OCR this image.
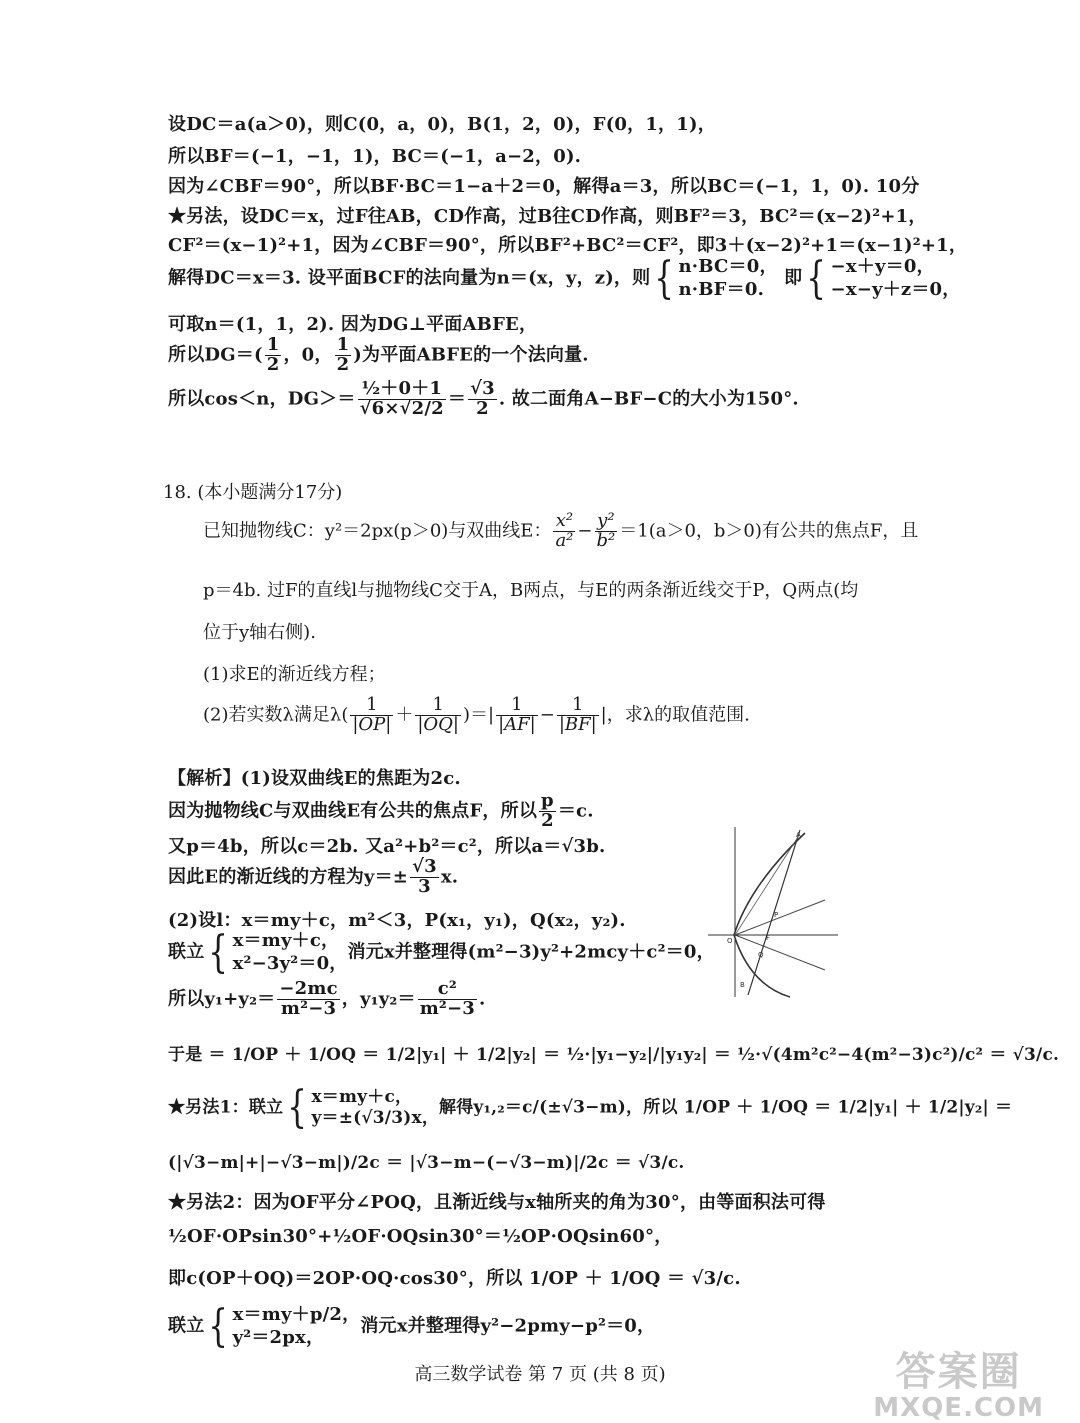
设DC＝a(a＞0)，则C(0，a，0)，B(1，2，0)，F(0，1，1)，
所以BF＝(−1，−1，1)，BC＝(−1，a−2，0).
因为∠CBF＝90°，所以BF·BC＝1−a＋2＝0，解得a＝3，所以BC＝(−1，1，0). 10分
★另法，设DC＝x，过F往AB，CD作高，过B往CD作高，则BF²＝3，BC²＝(x−2)²+1，
CF²＝(x−1)²+1，因为∠CBF＝90°，所以BF²+BC²＝CF²，即3＋(x−2)²+1＝(x−1)²+1，
解得DC＝x＝3. 设平面BCF的法向量为n＝(x，y，z)，则{ n·BC＝0，
n·BF＝0.
即{ −x＋y＝0，
−x−y＋z＝0，
可取n＝(1，1，2). 因为DG⊥平面ABFE，
所以$DG=( \frac{1}{2}$ ，0， $\frac{1}{2}$ )为平面ABFE的一个法向量.
所以cos＜n，$DG>= \frac{\text{½＋0＋1}}{√6\times√2/2} = \frac{√3}{2}$ . 故二面角A−BF−C的大小为150°.
18. (本小题满分17分)
已知抛物线C：y²＝2px(p＞0)与双曲线E： $\frac{\text{x²}}{\text{a²}} - \frac{\text{y²}}{\text{b²}} =1(a>0$，b＞0)有公共的焦点F，且
p＝4b. 过F的直线l与抛物线C交于A，B两点，与E的两条渐近线交于P，Q两点(均
位于y轴右侧).
(1)求E的渐近线方程；
(2)若实数λ满足$\lambda( \frac{1}{|OP|} + \frac{1}{|OQ|}$ )＝| $\frac{1}{|AF|} - \frac{1}{|BF|}$ |，求λ的取值范围.
【解析】(1)设双曲线E的焦距为2c.
因为抛物线C与双曲线E有公共的焦点F，所以 $\frac{p}{2} =c$.
又p＝4b，所以c＝2b. 又a²+b²＝c²，所以a＝√3b.
因此E的渐近线的方程为$y=\pm \frac{√3}{3} x$.
(2)设l：x＝my＋c，m²＜3，P(x₁，y₁)，Q(x₂，y₂).
联立{ x＝my＋c，
x²−3y²＝0，
消元x并整理得(m²−3)y²+2mcy＋c²＝0，
所以$y_1+y_2= \frac{-2mc}{\text{m²−3}}$ ，$y_1y_2= \frac{\text{c²}}{\text{m²−3}}$ .
于是 ＝ 1/OP ＋ 1/OQ ＝ 1/2|y₁| ＋ 1/2|y₂| ＝ ½·|y₁−y₂|/|y₁y₂| ＝ ½·√(4m²c²−4(m²−3)c²)/c² ＝ √3/c.
★另法1：联立{ x＝my＋c，
y＝±(√3/3)x，
解得y₁,₂＝c/(±√3−m)，所以 1/OP ＋ 1/OQ ＝ 1/2|y₁| ＋ 1/2|y₂| ＝
(|√3−m|+|−√3−m|)/2c ＝ |√3−m−(−√3−m)|/2c ＝ √3/c.
★另法2：因为OF平分∠POQ，且渐近线与x轴所夹的角为30°，由等面积法可得
½OF·OPsin30°+½OF·OQsin30°＝½OP·OQsin60°，
即c(OP＋OQ)＝2OP·OQ·cos30°，所以 1/OP ＋ 1/OQ ＝ √3/c.
联立{ x＝my＋p/2，
y²＝2px，
消元x并整理得y²−2pmy−p²＝0，
A
B
P
Q
F
O
高三数学试卷 第 7 页 (共 8 页)	答案圈
MXQE.COM
